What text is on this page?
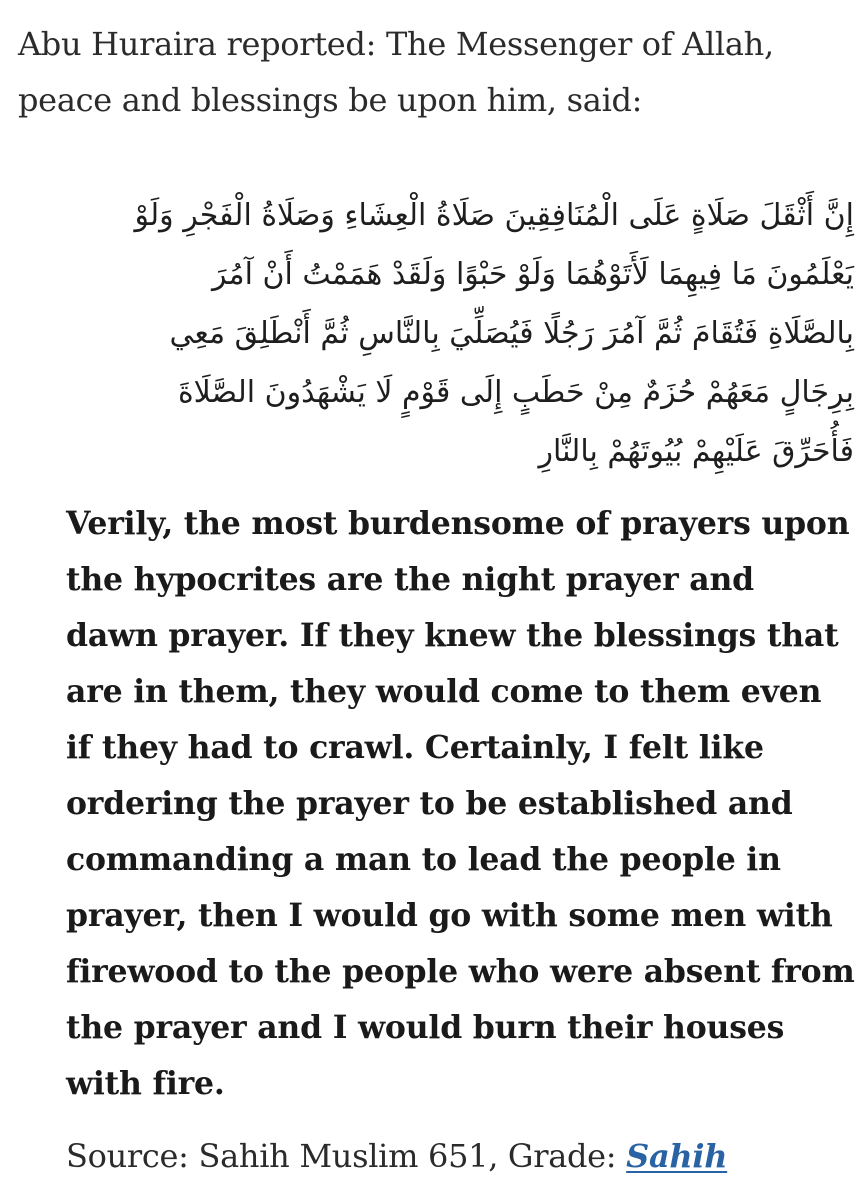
Abu Huraira reported: The Messenger of Allah, peace and blessings be upon him, said:

إِنَّ أَثْقَلَ صَلَاةٍ عَلَى الْمُنَافِقِينَ صَلَاةُ الْعِشَاءِ وَصَلَاةُ الْفَجْرِ وَلَوْ يَعْلَمُونَ مَا فِيهِمَا لَأَتَوْهُمَا وَلَوْ حَبْوًا وَلَقَدْ هَمَمْتُ أَنْ آمُرَ بِالصَّلَاةِ فَتُقَامَ ثُمَّ آمُرَ رَجُلًا فَيُصَلِّيَ بِالنَّاسِ ثُمَّ أَنْطَلِقَ مَعِي بِرِجَالٍ مَعَهُمْ حُزَمٌ مِنْ حَطَبٍ إِلَى قَوْمٍ لَا يَشْهَدُونَ الصَّلَاةَ فَأُحَرِّقَ عَلَيْهِمْ بُيُوتَهُمْ بِالنَّارِ

Verily, the most burdensome of prayers upon the hypocrites are the night prayer and dawn prayer. If they knew the blessings that are in them, they would come to them even if they had to crawl. Certainly, I felt like ordering the prayer to be established and commanding a man to lead the people in prayer, then I would go with some men with firewood to the people who were absent from the prayer and I would burn their houses with fire.

Source: Sahih Muslim 651, Grade: Sahih
